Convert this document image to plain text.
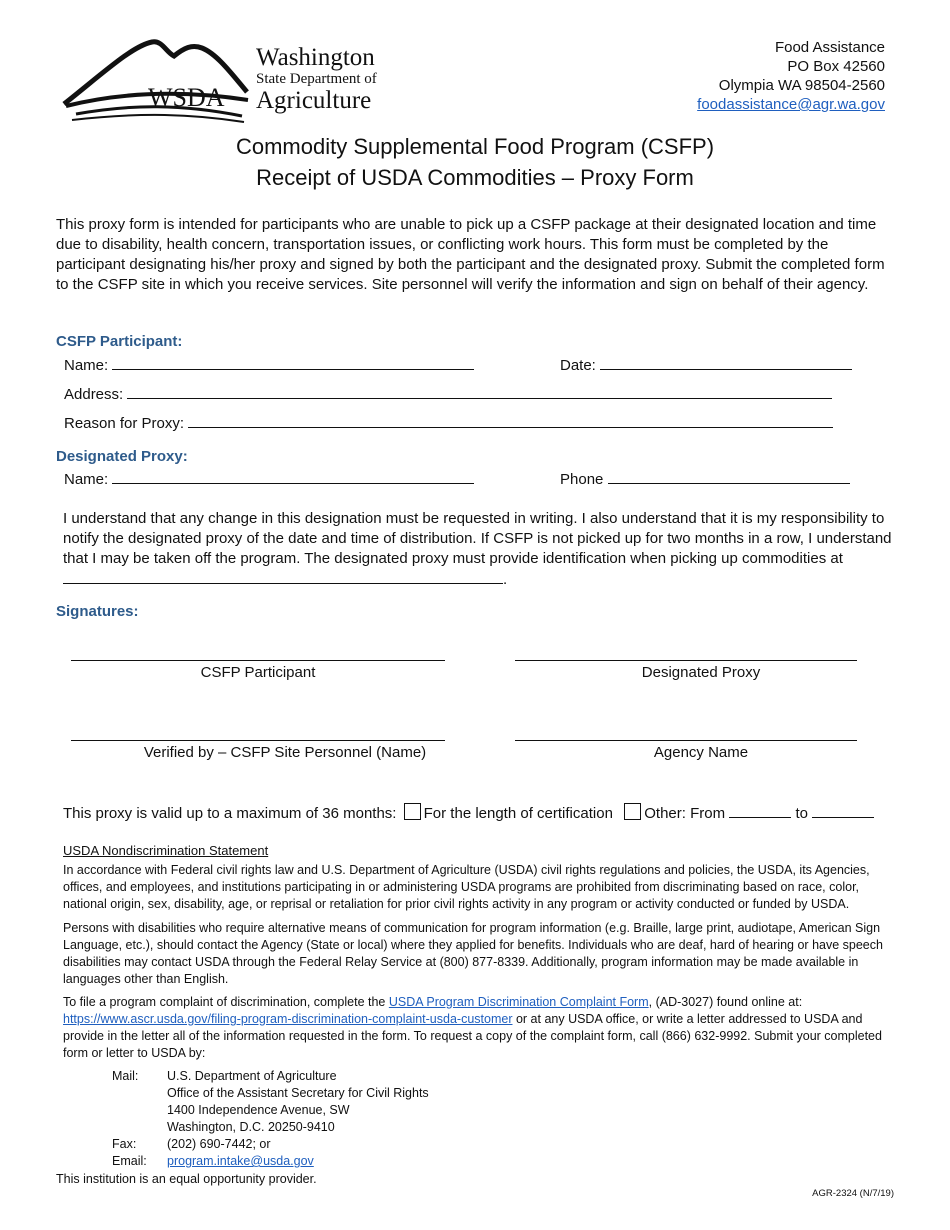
WSDA
Washington
State Department of
Agriculture
Food Assistance
PO Box 42560
Olympia WA 98504-2560
foodassistance@agr.wa.gov
Commodity Supplemental Food Program (CSFP)
Receipt of USDA Commodities – Proxy Form
This proxy form is intended for participants who are unable to pick up a CSFP package at their designated location and time due to disability, health concern, transportation issues, or conflicting work hours. This form must be completed by the participant designating his/her proxy and signed by both the participant and the designated proxy. Submit the completed form to the CSFP site in which you receive services. Site personnel will verify the information and sign on behalf of their agency.
CSFP Participant:
Name:	Date:
Address:
Reason for Proxy:
Designated Proxy:
Name:	Phone
I understand that any change in this designation must be requested in writing. I also understand that it is my responsibility to notify the designated proxy of the date and time of distribution. If CSFP is not picked up for two months in a row, I understand that I may be taken off the program. The designated proxy must provide identification when picking up commodities at .
Signatures:
CSFP Participant	Designated Proxy
Verified by – CSFP Site Personnel (Name)	Agency Name
This proxy is valid up to a maximum of 36 months: For the length of certification Other: From	to
USDA Nondiscrimination Statement
In accordance with Federal civil rights law and U.S. Department of Agriculture (USDA) civil rights regulations and policies, the USDA, its Agencies, offices, and employees, and institutions participating in or administering USDA programs are prohibited from discriminating based on race, color, national origin, sex, disability, age, or reprisal or retaliation for prior civil rights activity in any program or activity conducted or funded by USDA.
Persons with disabilities who require alternative means of communication for program information (e.g. Braille, large print, audiotape, American Sign Language, etc.), should contact the Agency (State or local) where they applied for benefits. Individuals who are deaf, hard of hearing or have speech disabilities may contact USDA through the Federal Relay Service at (800) 877-8339. Additionally, program information may be made available in languages other than English.
To file a program complaint of discrimination, complete the USDA Program Discrimination Complaint Form, (AD-3027) found online at: https://www.ascr.usda.gov/filing-program-discrimination-complaint-usda-customer or at any USDA office, or write a letter addressed to USDA and provide in the letter all of the information requested in the form. To request a copy of the complaint form, call (866) 632-9992. Submit your completed form or letter to USDA by:
Mail:	U.S. Department of Agriculture
	Office of the Assistant Secretary for Civil Rights
	1400 Independence Avenue, SW
	Washington, D.C. 20250-9410
Fax:	(202) 690-7442; or
Email:	program.intake@usda.gov
This institution is an equal opportunity provider.
AGR-2324 (N/7/19)
